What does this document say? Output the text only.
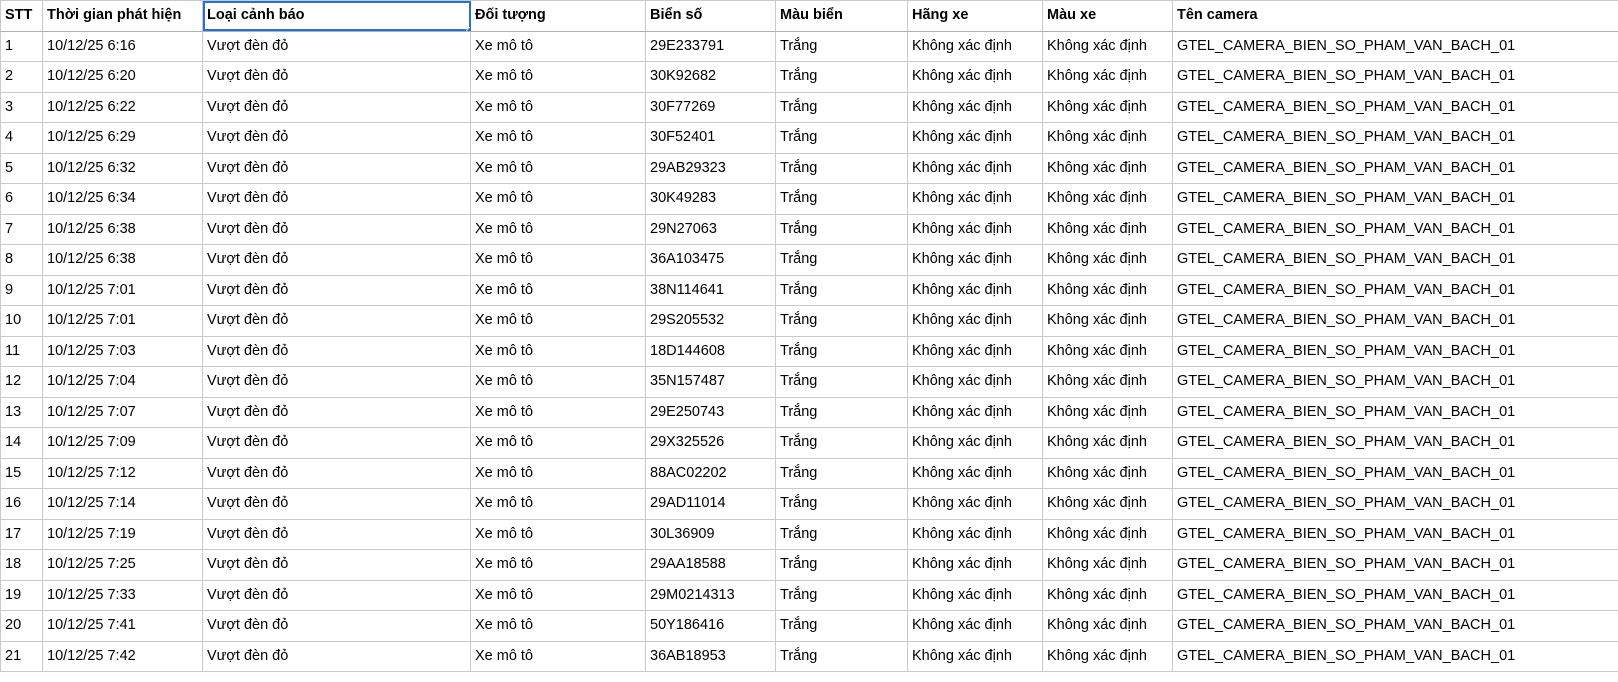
STT	Thời gian phát hiện	Loại cảnh báo	Đối tượng	Biển số	Màu biển	Hãng xe	Màu xe	Tên camera
1	10/12/25 6:16	Vượt đèn đỏ	Xe mô tô	29E233791	Trắng	Không xác định	Không xác định	GTEL_CAMERA_BIEN_SO_PHAM_VAN_BACH_01
2	10/12/25 6:20	Vượt đèn đỏ	Xe mô tô	30K92682	Trắng	Không xác định	Không xác định	GTEL_CAMERA_BIEN_SO_PHAM_VAN_BACH_01
3	10/12/25 6:22	Vượt đèn đỏ	Xe mô tô	30F77269	Trắng	Không xác định	Không xác định	GTEL_CAMERA_BIEN_SO_PHAM_VAN_BACH_01
4	10/12/25 6:29	Vượt đèn đỏ	Xe mô tô	30F52401	Trắng	Không xác định	Không xác định	GTEL_CAMERA_BIEN_SO_PHAM_VAN_BACH_01
5	10/12/25 6:32	Vượt đèn đỏ	Xe mô tô	29AB29323	Trắng	Không xác định	Không xác định	GTEL_CAMERA_BIEN_SO_PHAM_VAN_BACH_01
6	10/12/25 6:34	Vượt đèn đỏ	Xe mô tô	30K49283	Trắng	Không xác định	Không xác định	GTEL_CAMERA_BIEN_SO_PHAM_VAN_BACH_01
7	10/12/25 6:38	Vượt đèn đỏ	Xe mô tô	29N27063	Trắng	Không xác định	Không xác định	GTEL_CAMERA_BIEN_SO_PHAM_VAN_BACH_01
8	10/12/25 6:38	Vượt đèn đỏ	Xe mô tô	36A103475	Trắng	Không xác định	Không xác định	GTEL_CAMERA_BIEN_SO_PHAM_VAN_BACH_01
9	10/12/25 7:01	Vượt đèn đỏ	Xe mô tô	38N114641	Trắng	Không xác định	Không xác định	GTEL_CAMERA_BIEN_SO_PHAM_VAN_BACH_01
10	10/12/25 7:01	Vượt đèn đỏ	Xe mô tô	29S205532	Trắng	Không xác định	Không xác định	GTEL_CAMERA_BIEN_SO_PHAM_VAN_BACH_01
11	10/12/25 7:03	Vượt đèn đỏ	Xe mô tô	18D144608	Trắng	Không xác định	Không xác định	GTEL_CAMERA_BIEN_SO_PHAM_VAN_BACH_01
12	10/12/25 7:04	Vượt đèn đỏ	Xe mô tô	35N157487	Trắng	Không xác định	Không xác định	GTEL_CAMERA_BIEN_SO_PHAM_VAN_BACH_01
13	10/12/25 7:07	Vượt đèn đỏ	Xe mô tô	29E250743	Trắng	Không xác định	Không xác định	GTEL_CAMERA_BIEN_SO_PHAM_VAN_BACH_01
14	10/12/25 7:09	Vượt đèn đỏ	Xe mô tô	29X325526	Trắng	Không xác định	Không xác định	GTEL_CAMERA_BIEN_SO_PHAM_VAN_BACH_01
15	10/12/25 7:12	Vượt đèn đỏ	Xe mô tô	88AC02202	Trắng	Không xác định	Không xác định	GTEL_CAMERA_BIEN_SO_PHAM_VAN_BACH_01
16	10/12/25 7:14	Vượt đèn đỏ	Xe mô tô	29AD11014	Trắng	Không xác định	Không xác định	GTEL_CAMERA_BIEN_SO_PHAM_VAN_BACH_01
17	10/12/25 7:19	Vượt đèn đỏ	Xe mô tô	30L36909	Trắng	Không xác định	Không xác định	GTEL_CAMERA_BIEN_SO_PHAM_VAN_BACH_01
18	10/12/25 7:25	Vượt đèn đỏ	Xe mô tô	29AA18588	Trắng	Không xác định	Không xác định	GTEL_CAMERA_BIEN_SO_PHAM_VAN_BACH_01
19	10/12/25 7:33	Vượt đèn đỏ	Xe mô tô	29M0214313	Trắng	Không xác định	Không xác định	GTEL_CAMERA_BIEN_SO_PHAM_VAN_BACH_01
20	10/12/25 7:41	Vượt đèn đỏ	Xe mô tô	50Y186416	Trắng	Không xác định	Không xác định	GTEL_CAMERA_BIEN_SO_PHAM_VAN_BACH_01
21	10/12/25 7:42	Vượt đèn đỏ	Xe mô tô	36AB18953	Trắng	Không xác định	Không xác định	GTEL_CAMERA_BIEN_SO_PHAM_VAN_BACH_01
